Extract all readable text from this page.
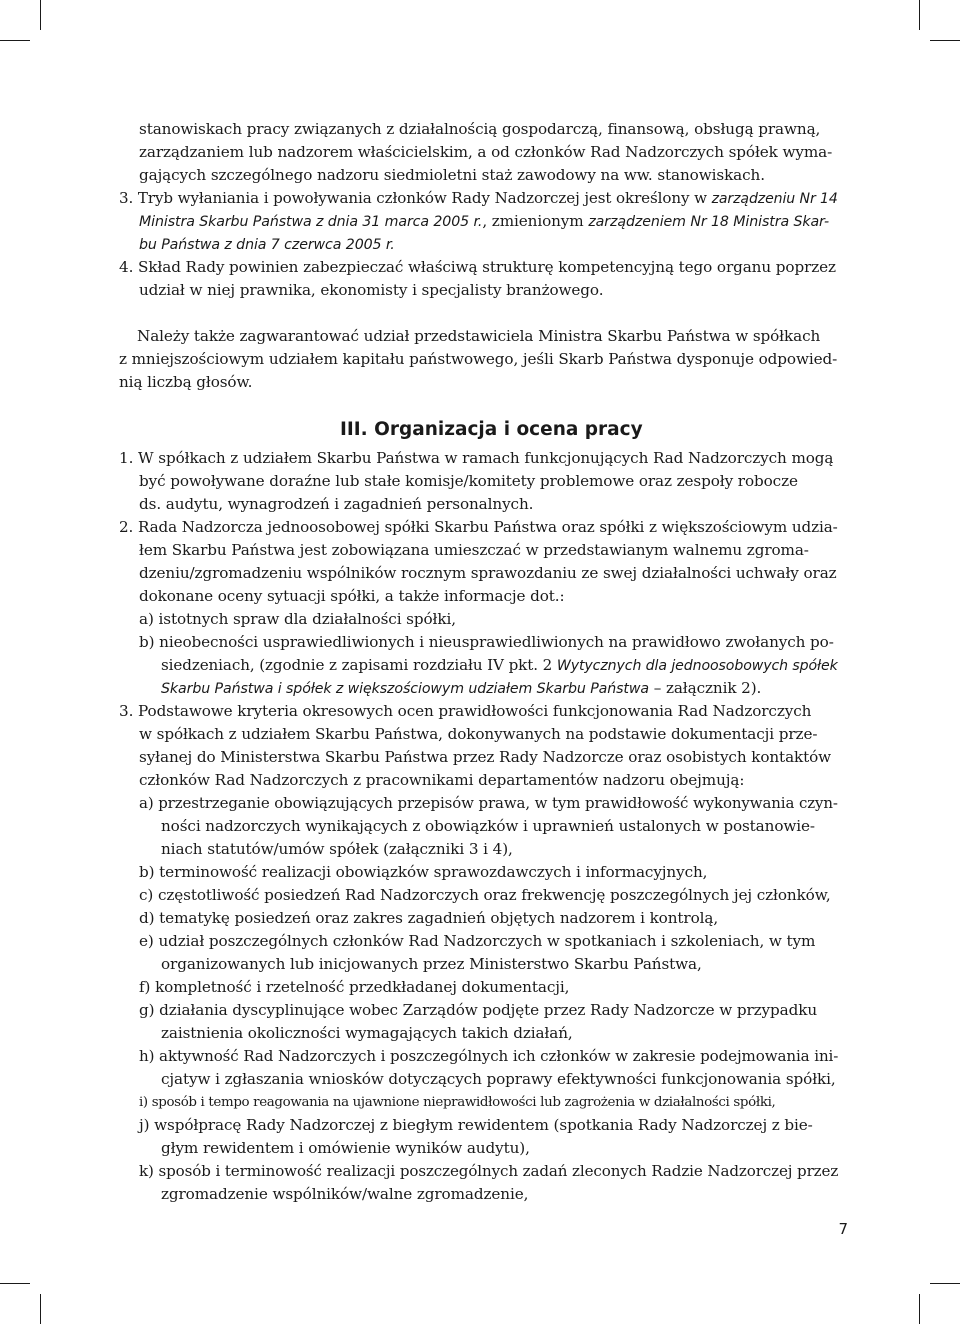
stanowiskach pracy związanych z działalnością gospodarczą, finansową, obsługą prawną,
zarządzaniem lub nadzorem właścicielskim, a od członków Rad Nadzorczych spółek wyma-
gających szczególnego nadzoru siedmioletni staż zawodowy na ww. stanowiskach.
3. Tryb wyłaniania i powoływania członków Rady Nadzorczej jest określony w zarządzeniu Nr 14
Ministra Skarbu Państwa z dnia 31 marca 2005 r., zmienionym zarządzeniem Nr 18 Ministra Skar-
bu Państwa z dnia 7 czerwca 2005 r.
4. Skład Rady powinien zabezpieczać właściwą strukturę kompetencyjną tego organu poprzez
udział w niej prawnika, ekonomisty i specjalisty branżowego.
Należy także zagwarantować udział przedstawiciela Ministra Skarbu Państwa w spółkach
z mniejszościowym udziałem kapitału państwowego, jeśli Skarb Państwa dysponuje odpowied-
nią liczbą głosów.
III. Organizacja i ocena pracy
1. W spółkach z udziałem Skarbu Państwa w ramach funkcjonujących Rad Nadzorczych mogą
być powoływane doraźne lub stałe komisje/komitety problemowe oraz zespoły robocze
ds. audytu, wynagrodzeń i zagadnień personalnych.
2. Rada Nadzorcza jednoosobowej spółki Skarbu Państwa oraz spółki z większościowym udzia-
łem Skarbu Państwa jest zobowiązana umieszczać w przedstawianym walnemu zgroma-
dzeniu/zgromadzeniu wspólników rocznym sprawozdaniu ze swej działalności uchwały oraz
dokonane oceny sytuacji spółki, a także informacje dot.:
a) istotnych spraw dla działalności spółki,
b) nieobecności usprawiedliwionych i nieusprawiedliwionych na prawidłowo zwołanych po-
siedzeniach, (zgodnie z zapisami rozdziału IV pkt. 2 Wytycznych dla jednoosobowych spółek
Skarbu Państwa i spółek z większościowym udziałem Skarbu Państwa – załącznik 2).
3. Podstawowe kryteria okresowych ocen prawidłowości funkcjonowania Rad Nadzorczych
w spółkach z udziałem Skarbu Państwa, dokonywanych na podstawie dokumentacji prze-
syłanej do Ministerstwa Skarbu Państwa przez Rady Nadzorcze oraz osobistych kontaktów
członków Rad Nadzorczych z pracownikami departamentów nadzoru obejmują:
a) przestrzeganie obowiązujących przepisów prawa, w tym prawidłowość wykonywania czyn-
ności nadzorczych wynikających z obowiązków i uprawnień ustalonych w postanowie-
niach statutów/umów spółek (załączniki 3 i 4),
b) terminowość realizacji obowiązków sprawozdawczych i informacyjnych,
c) częstotliwość posiedzeń Rad Nadzorczych oraz frekwencję poszczególnych jej członków,
d) tematykę posiedzeń oraz zakres zagadnień objętych nadzorem i kontrolą,
e) udział poszczególnych członków Rad Nadzorczych w spotkaniach i szkoleniach, w tym
organizowanych lub inicjowanych przez Ministerstwo Skarbu Państwa,
f) kompletność i rzetelność przedkładanej dokumentacji,
g) działania dyscyplinujące wobec Zarządów podjęte przez Rady Nadzorcze w przypadku
zaistnienia okoliczności wymagających takich działań,
h) aktywność Rad Nadzorczych i poszczególnych ich członków w zakresie podejmowania ini-
cjatyw i zgłaszania wniosków dotyczących poprawy efektywności funkcjonowania spółki,
i) sposób i tempo reagowania na ujawnione nieprawidłowości lub zagrożenia w działalności spółki,
j) współpracę Rady Nadzorczej z biegłym rewidentem (spotkania Rady Nadzorczej z bie-
głym rewidentem i omówienie wyników audytu),
k) sposób i terminowość realizacji poszczególnych zadań zleconych Radzie Nadzorczej przez
zgromadzenie wspólników/walne zgromadzenie,
7
